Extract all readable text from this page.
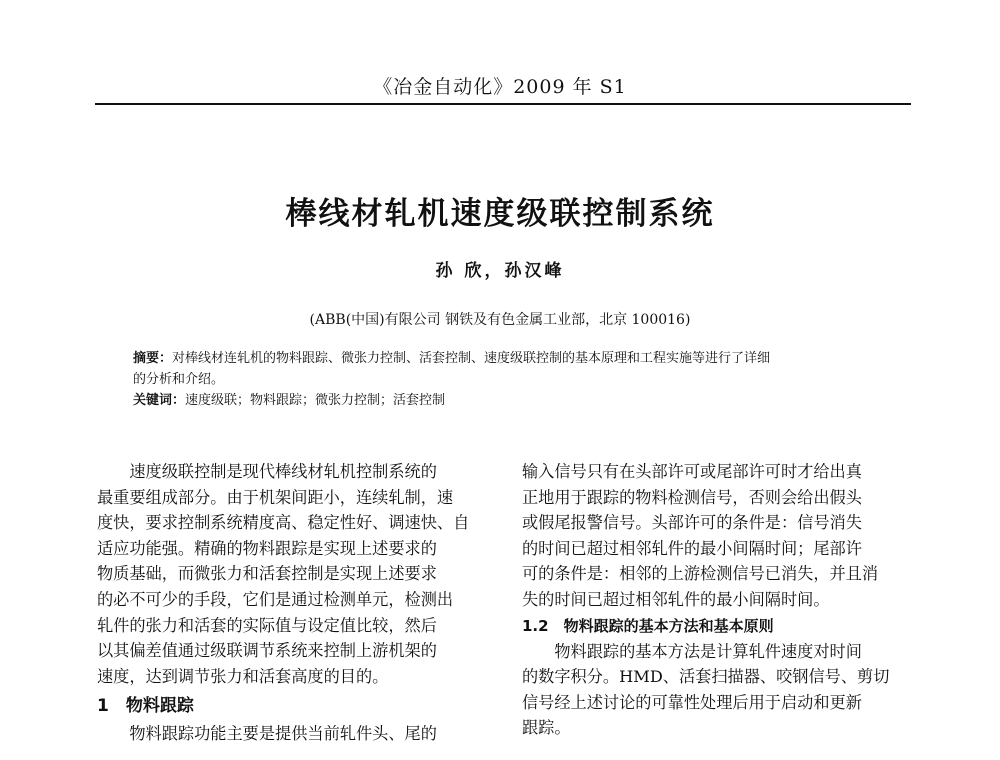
《冶金自动化》2009 年 S1
棒线材轧机速度级联控制系统
孙 欣，孙汉峰
(ABB(中国)有限公司 钢铁及有色金属工业部，北京 100016)
摘要：对棒线材连轧机的物料跟踪、微张力控制、活套控制、速度级联控制的基本原理和工程实施等进行了详细
的分析和介绍。
关键词：速度级联；物料跟踪；微张力控制；活套控制

　　速度级联控制是现代棒线材轧机控制系统的

最重要组成部分。由于机架间距小，连续轧制，速

度快，要求控制系统精度高、稳定性好、调速快、自

适应功能强。精确的物料跟踪是实现上述要求的

物质基础，而微张力和活套控制是实现上述要求

的必不可少的手段，它们是通过检测单元，检测出

轧件的张力和活套的实际值与设定值比较，然后

以其偏差值通过级联调节系统来控制上游机架的

速度，达到调节张力和活套高度的目的。

1　物料跟踪

　　物料跟踪功能主要是提供当前轧件头、尾的

输入信号只有在头部许可或尾部许可时才给出真

正地用于跟踪的物料检测信号，否则会给出假头

或假尾报警信号。头部许可的条件是：信号消失

的时间已超过相邻轧件的最小间隔时间；尾部许

可的条件是：相邻的上游检测信号已消失，并且消

失的时间已超过相邻轧件的最小间隔时间。

1.2　物料跟踪的基本方法和基本原则

　　物料跟踪的基本方法是计算轧件速度对时间

的数字积分。HMD、活套扫描器、咬钢信号、剪切

信号经上述讨论的可靠性处理后用于启动和更新

跟踪。
